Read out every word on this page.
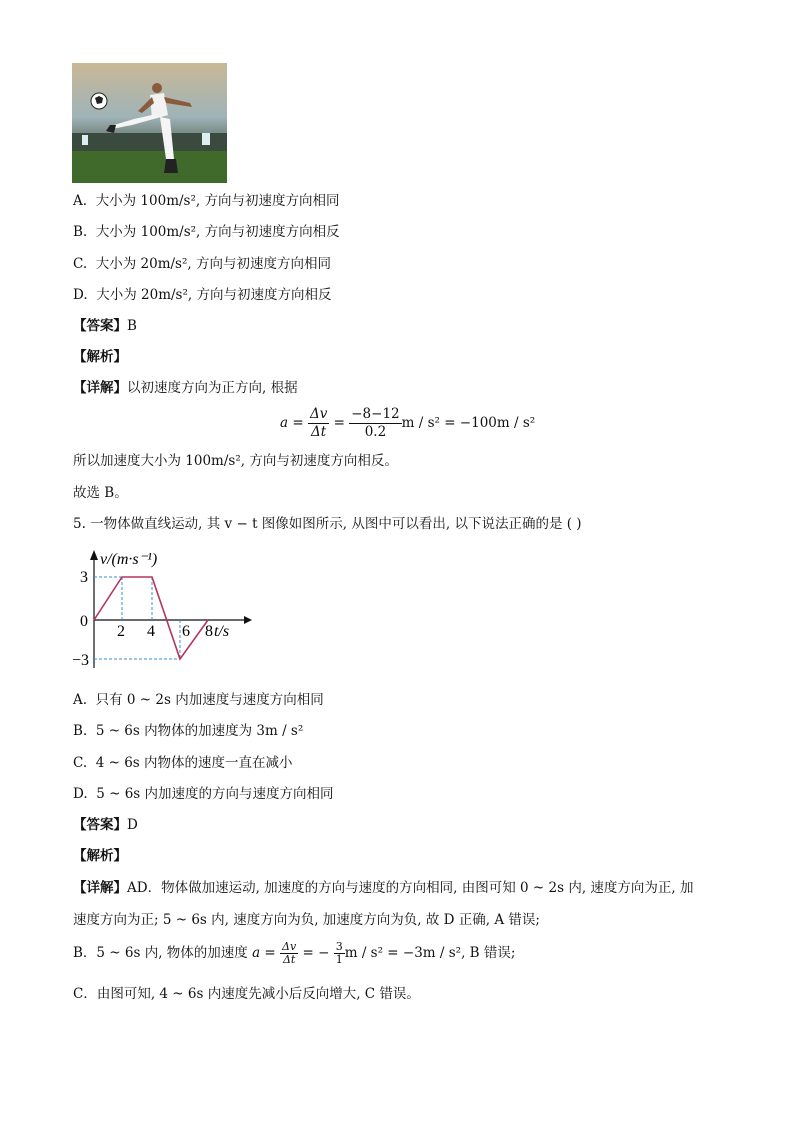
A. 大小为 100m/s², 方向与初速度方向相同
B. 大小为 100m/s², 方向与初速度方向相反
C. 大小为 20m/s², 方向与初速度方向相同
D. 大小为 20m/s², 方向与初速度方向相反
【答案】B
【解析】
【详解】以初速度方向为正方向, 根据
$a = \frac{\Delta v}{\Delta t} = \frac{-8-12}{0.2}$ m / s² = −100m / s²
所以加速度大小为 100m/s², 方向与初速度方向相反。
故选 B。
5. 一物体做直线运动, 其 v − t 图像如图所示, 从图中可以看出, 以下说法正确的是 ( )
3
0
−3
2 4 6 8 t/s
v/(m·s⁻¹)
A. 只有 0 ~ 2s 内加速度与速度方向相同
B. 5 ~ 6s 内物体的加速度为 3m / s²
C. 4 ~ 6s 内物体的速度一直在减小
D. 5 ~ 6s 内加速度的方向与速度方向相同
【答案】D
【解析】
【详解】AD．物体做加速运动, 加速度的方向与速度的方向相同, 由图可知 0 ~ 2s 内, 速度方向为正, 加
速度方向为正; 5 ~ 6s 内, 速度方向为负, 加速度方向为负, 故 D 正确, A 错误;
B．5 ~ 6s 内, 物体的加速度 $a = \frac{\Delta v}{\Delta t}$ = − $\frac{3}{1}$ m / s² = −3m / s², B 错误;
C．由图可知, 4 ~ 6s 内速度先减小后反向增大, C 错误。
